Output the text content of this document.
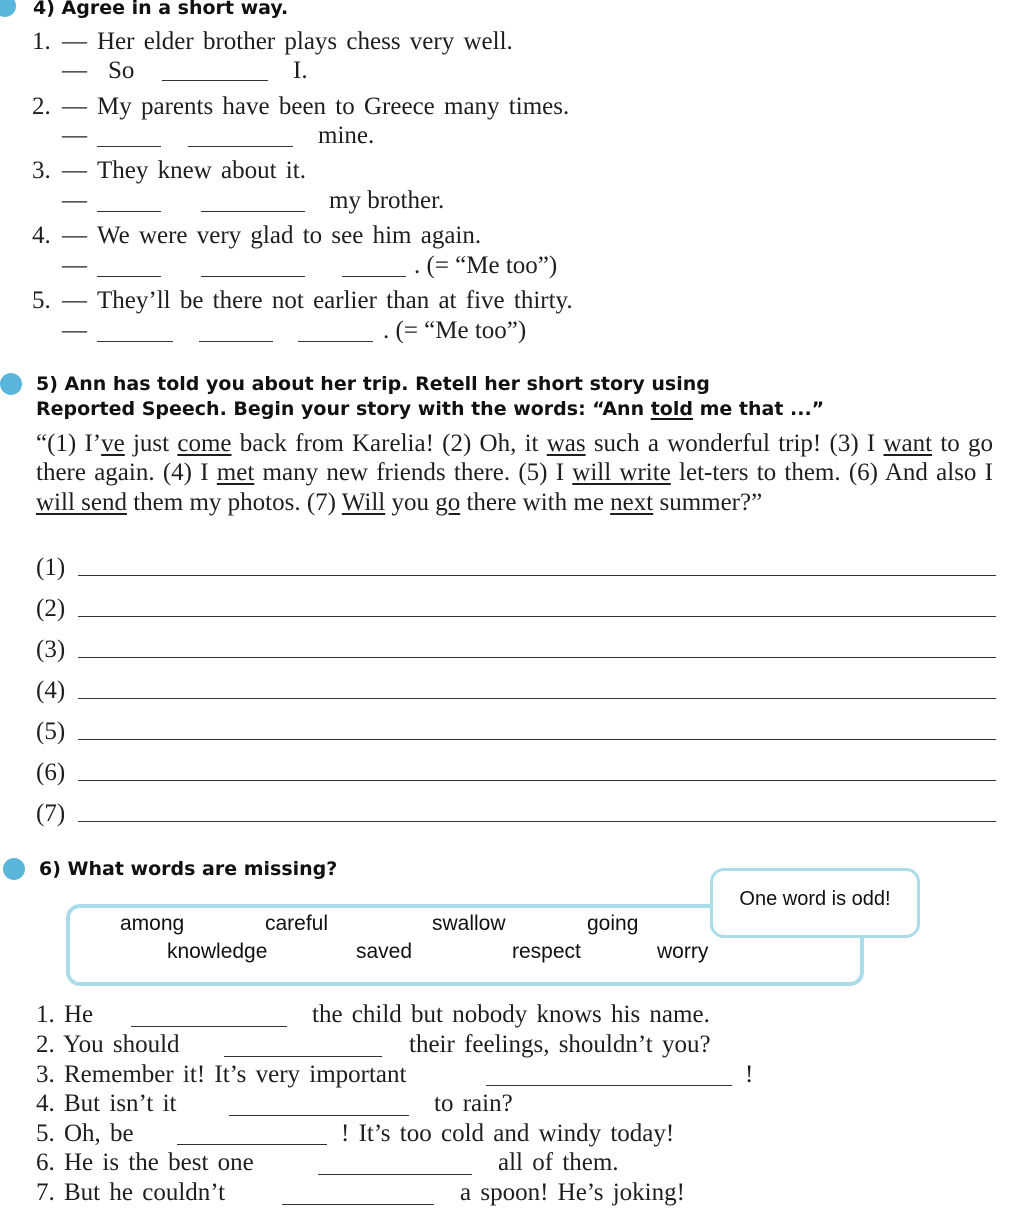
4) Agree in a short way.
1. — Her elder brother plays chess very well.
— So	I.
2. — My parents have been to Greece many times.
—	mine.
3. — They knew about it.
—	my brother.
4. — We were very glad to see him again.
—	. (= “Me too”)
5. — They’ll be there not earlier than at five thirty.
—	. (= “Me too”)
5) Ann has told you about her trip. Retell her short story using
Reported Speech. Begin your story with the words: “Ann told me that ...”
“(1) I’ve just come back from Karelia! (2) Oh, it was such a wonderful trip! (3) I want to go there again. (4) I met many new friends there. (5) I will write let-ters to them. (6) And also I will send them my photos. (7) Will you go there with me next summer?”
(1)
(2)
(3)
(4)
(5)
(6)
(7)
6) What words are missing?
One word is odd!
among	careful	swallow	going
knowledge	saved	respect	worry
1. He	the child but nobody knows his name.
2. You should	their feelings, shouldn’t you?
3. Remember it! It’s very important	!
4. But isn’t it	to rain?
5. Oh, be	! It’s too cold and windy today!
6. He is the best one	all of them.
7. But he couldn’t	a spoon! He’s joking!
